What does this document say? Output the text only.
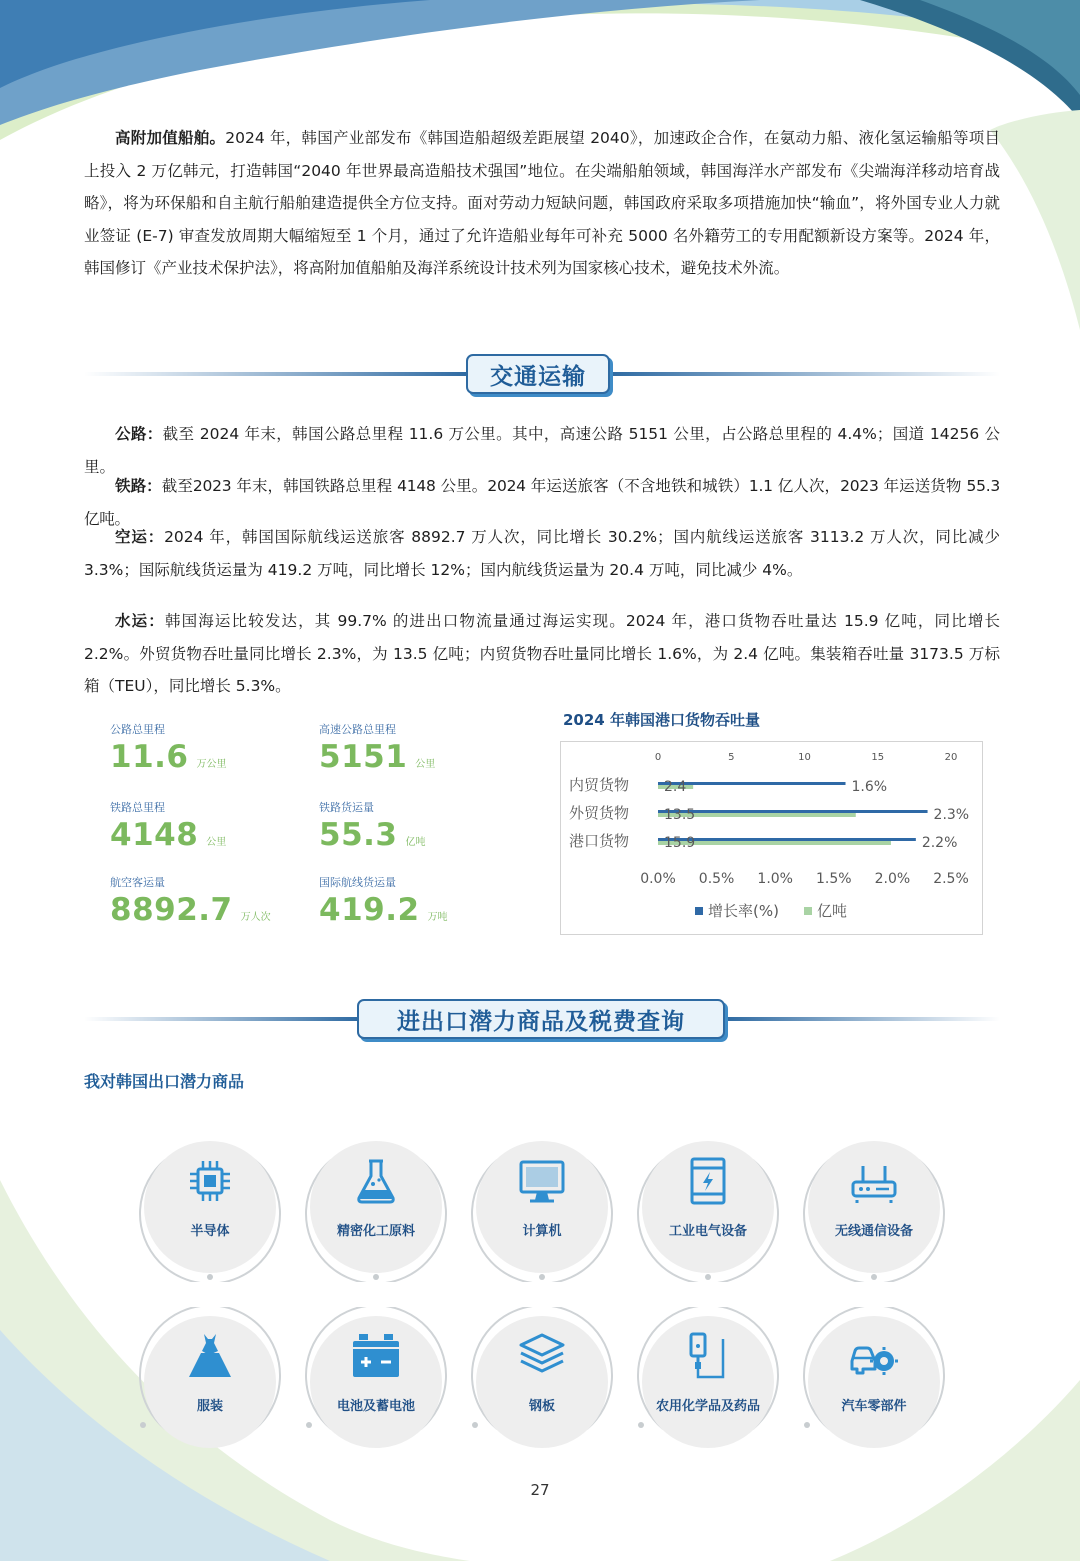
高附加值船舶。2024 年，韩国产业部发布《韩国造船超级差距展望 2040》，加速政企合作，在氨动力船、液化氢运输船等项目上投入 2 万亿韩元，打造韩国“2040 年世界最高造船技术强国”地位。在尖端船舶领域，韩国海洋水产部发布《尖端海洋移动培育战略》，将为环保船和自主航行船舶建造提供全方位支持。面对劳动力短缺问题，韩国政府采取多项措施加快“输血”，将外国专业人力就业签证 (E-7) 审查发放周期大幅缩短至 1 个月，通过了允许造船业每年可补充 5000 名外籍劳工的专用配额新设方案等。2024 年，韩国修订《产业技术保护法》，将高附加值船舶及海洋系统设计技术列为国家核心技术，避免技术外流。

交通运输

公路：截至 2024 年末，韩国公路总里程 11.6 万公里。其中，高速公路 5151 公里，占公路总里程的 4.4%；国道 14256 公里。

铁路：截至2023 年末，韩国铁路总里程 4148 公里。2024 年运送旅客（不含地铁和城铁）1.1 亿人次，2023 年运送货物 55.3 亿吨。

空运：2024 年，韩国国际航线运送旅客 8892.7 万人次，同比增长 30.2%；国内航线运送旅客 3113.2 万人次，同比减少 3.3%；国际航线货运量为 419.2 万吨，同比增长 12%；国内航线货运量为 20.4 万吨，同比减少 4%。

水运：韩国海运比较发达，其 99.7% 的进出口物流量通过海运实现。2024 年，港口货物吞吐量达 15.9 亿吨，同比增长 2.2%。外贸货物吞吐量同比增长 2.3%，为 13.5 亿吨；内贸货物吞吐量同比增长 1.6%，为 2.4 亿吨。集装箱吞吐量 3173.5 万标箱（TEU），同比增长 5.3%。

公路总里程
11.6 万公里
高速公路总里程
5151 公里
铁路总里程
4148 公里
铁路货运量
55.3 亿吨
航空客运量
8892.7 万人次
国际航线货运量
419.2 万吨
2024 年韩国港口货物吞吐量
0	5	10	15	20
0.0% 0.5% 1.0% 1.5% 2.0% 2.5%
内贸货物 2.4	1.6%
外贸货物 13.5	2.3%
港口货物 15.9	2.2%
增长率(%)	亿吨
进出口潜力商品及税费查询
我对韩国出口潜力商品
半导体	精密化工原料	计算机	工业电气设备	无线通信设备
服装	电池及蓄电池	钢板	农用化学品及药品	汽车零部件
27
